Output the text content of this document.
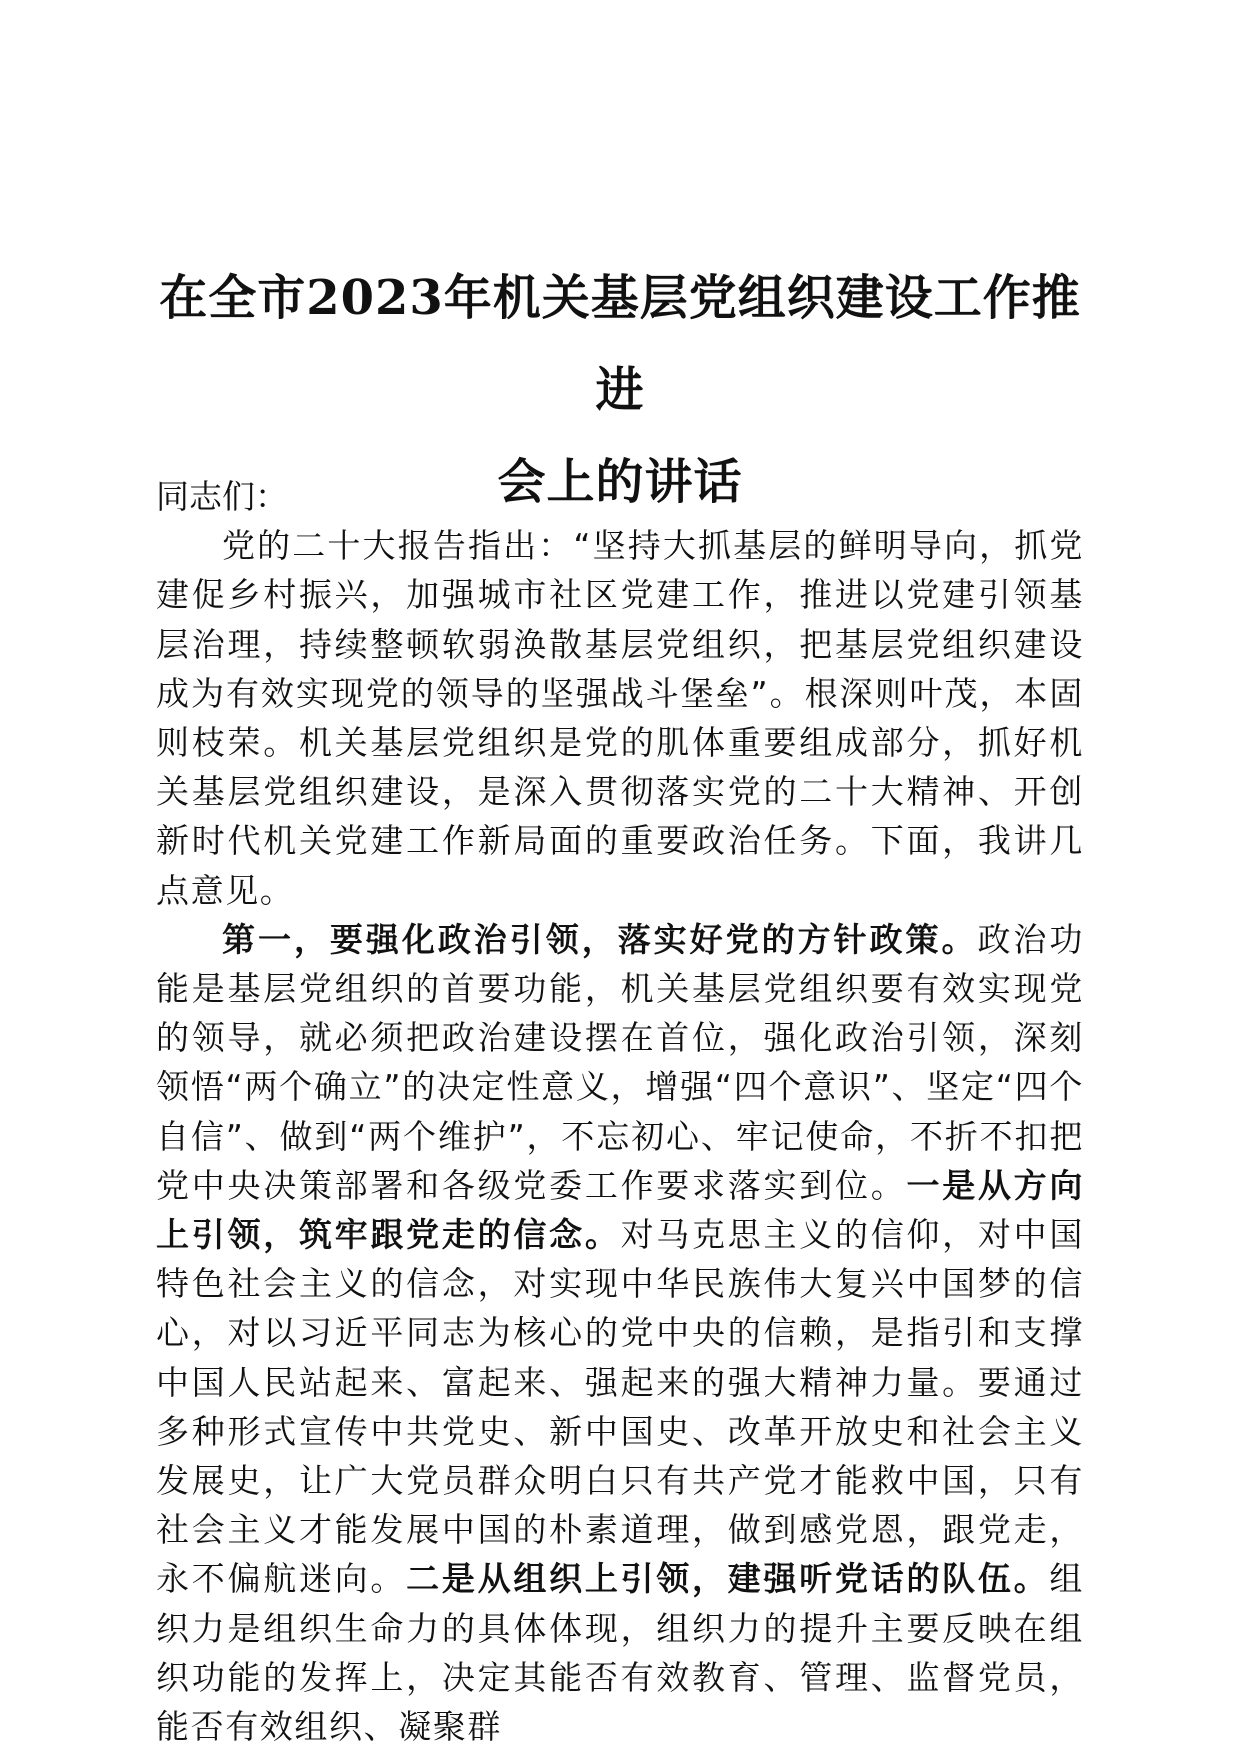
在全市2023年机关基层党组织建设工作推进
会上的讲话

同志们：

党的二十大报告指出：“坚持大抓基层的鲜明导向，抓党建促乡村振兴，加强城市社区党建工作，推进以党建引领基层治理，持续整顿软弱涣散基层党组织，把基层党组织建设成为有效实现党的领导的坚强战斗堡垒”。根深则叶茂，本固则枝荣。机关基层党组织是党的肌体重要组成部分，抓好机关基层党组织建设，是深入贯彻落实党的二十大精神、开创新时代机关党建工作新局面的重要政治任务。下面，我讲几点意见。

第一，要强化政治引领，落实好党的方针政策。政治功能是基层党组织的首要功能，机关基层党组织要有效实现党的领导，就必须把政治建设摆在首位，强化政治引领，深刻领悟“两个确立”的决定性意义，增强“四个意识”、坚定“四个自信”、做到“两个维护”，不忘初心、牢记使命，不折不扣把党中央决策部署和各级党委工作要求落实到位。一是从方向上引领，筑牢跟党走的信念。对马克思主义的信仰，对中国特色社会主义的信念，对实现中华民族伟大复兴中国梦的信心，对以习近平同志为核心的党中央的信赖，是指引和支撑中国人民站起来、富起来、强起来的强大精神力量。要通过多种形式宣传中共党史、新中国史、改革开放史和社会主义发展史，让广大党员群众明白只有共产党才能救中国，只有社会主义才能发展中国的朴素道理，做到感党恩，跟党走，永不偏航迷向。二是从组织上引领，建强听党话的队伍。组织力是组织生命力的具体体现，组织力的提升主要反映在组织功能的发挥上，决定其能否有效教育、管理、监督党员，能否有效组织、凝聚群
